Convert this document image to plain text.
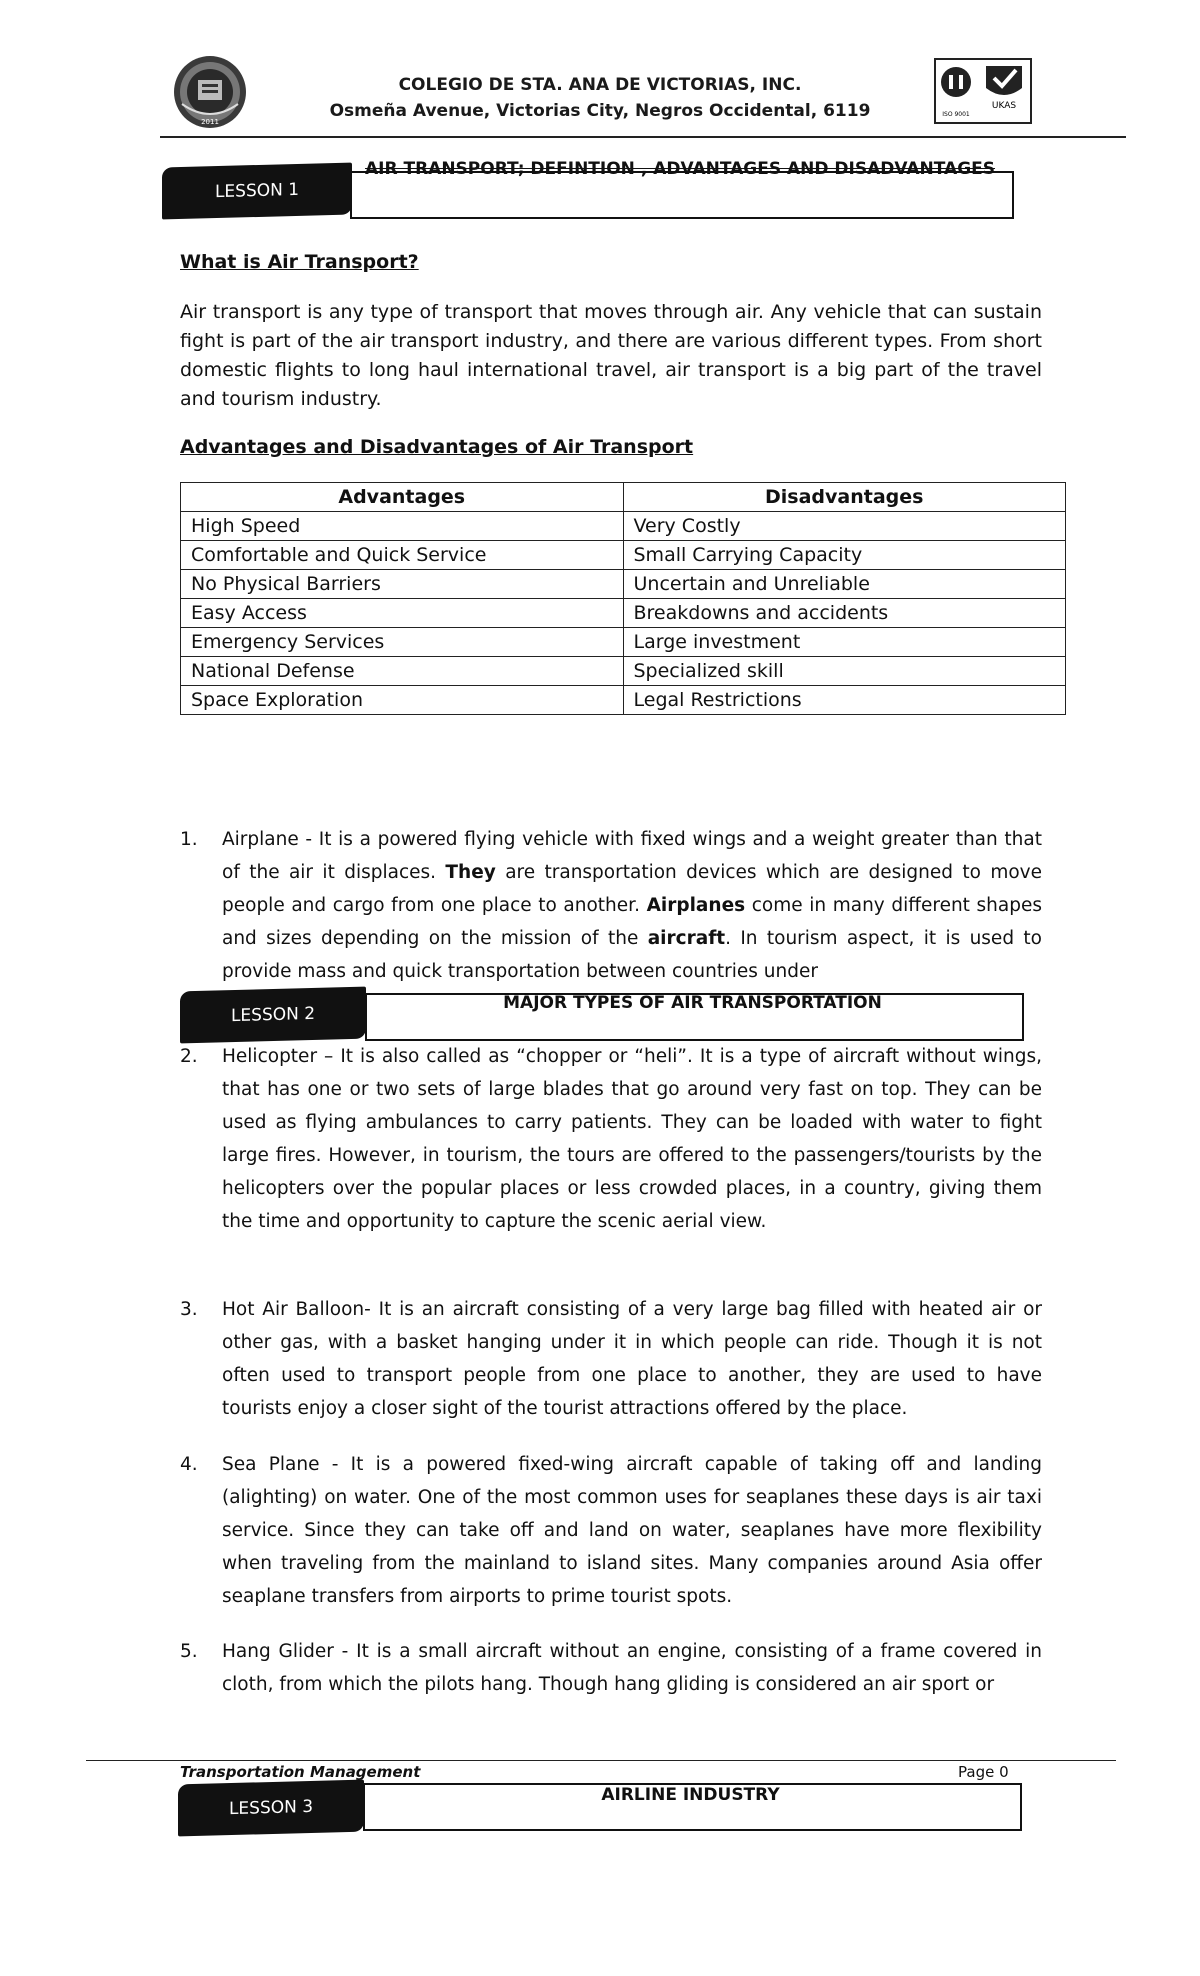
2011
COLEGIO DE STA. ANA DE VICTORIAS, INC.
Osmeña Avenue, Victorias City, Negros Occidental, 6119	UKAS
ISO 9001
LESSON 1
AIR TRANSPORT; DEFINTION , ADVANTAGES AND DISADVANTAGES
What is Air Transport?
Air transport is any type of transport that moves through air. Any vehicle that can sustain fight is part of the air transport industry, and there are various different types. From short domestic flights to long haul international travel, air transport is a big part of the travel and tourism industry.
Advantages and Disadvantages of Air Transport
Advantages	Disadvantages
High Speed	Very Costly
Comfortable and Quick Service	Small Carrying Capacity
No Physical Barriers	Uncertain and Unreliable
Easy Access	Breakdowns and accidents
Emergency Services	Large investment
National Defense	Specialized skill
Space Exploration	Legal Restrictions
1. Airplane - It is a powered flying vehicle with fixed wings and a weight greater than that of the air it displaces. They are transportation devices which are designed to move people and cargo from one place to another. Airplanes come in many different shapes and sizes depending on the mission of the aircraft. In tourism aspect, it is used to provide mass and quick transportation between countries under
LESSON 2
MAJOR TYPES OF AIR TRANSPORTATION
2. Helicopter – It is also called as “chopper or “heli”. It is a type of aircraft without wings, that has one or two sets of large blades that go around very fast on top. They can be used as flying ambulances to carry patients. They can be loaded with water to fight large fires. However, in tourism, the tours are offered to the passengers/tourists by the helicopters over the popular places or less crowded places, in a country, giving them the time and opportunity to capture the scenic aerial view.
3. Hot Air Balloon- It is an aircraft consisting of a very large bag filled with heated air or other gas, with a basket hanging under it in which people can ride. Though it is not often used to transport people from one place to another, they are used to have tourists enjoy a closer sight of the tourist attractions offered by the place.
4. Sea Plane - It is a powered fixed-wing aircraft capable of taking off and landing (alighting) on water. One of the most common uses for seaplanes these days is air taxi service. Since they can take off and land on water, seaplanes have more flexibility when traveling from the mainland to island sites. Many companies around Asia offer seaplane transfers from airports to prime tourist spots.
5. Hang Glider - It is a small aircraft without an engine, consisting of a frame covered in cloth, from which the pilots hang. Though hang gliding is considered an air sport or
Transportation Management	Page 0
LESSON 3
AIRLINE INDUSTRY
